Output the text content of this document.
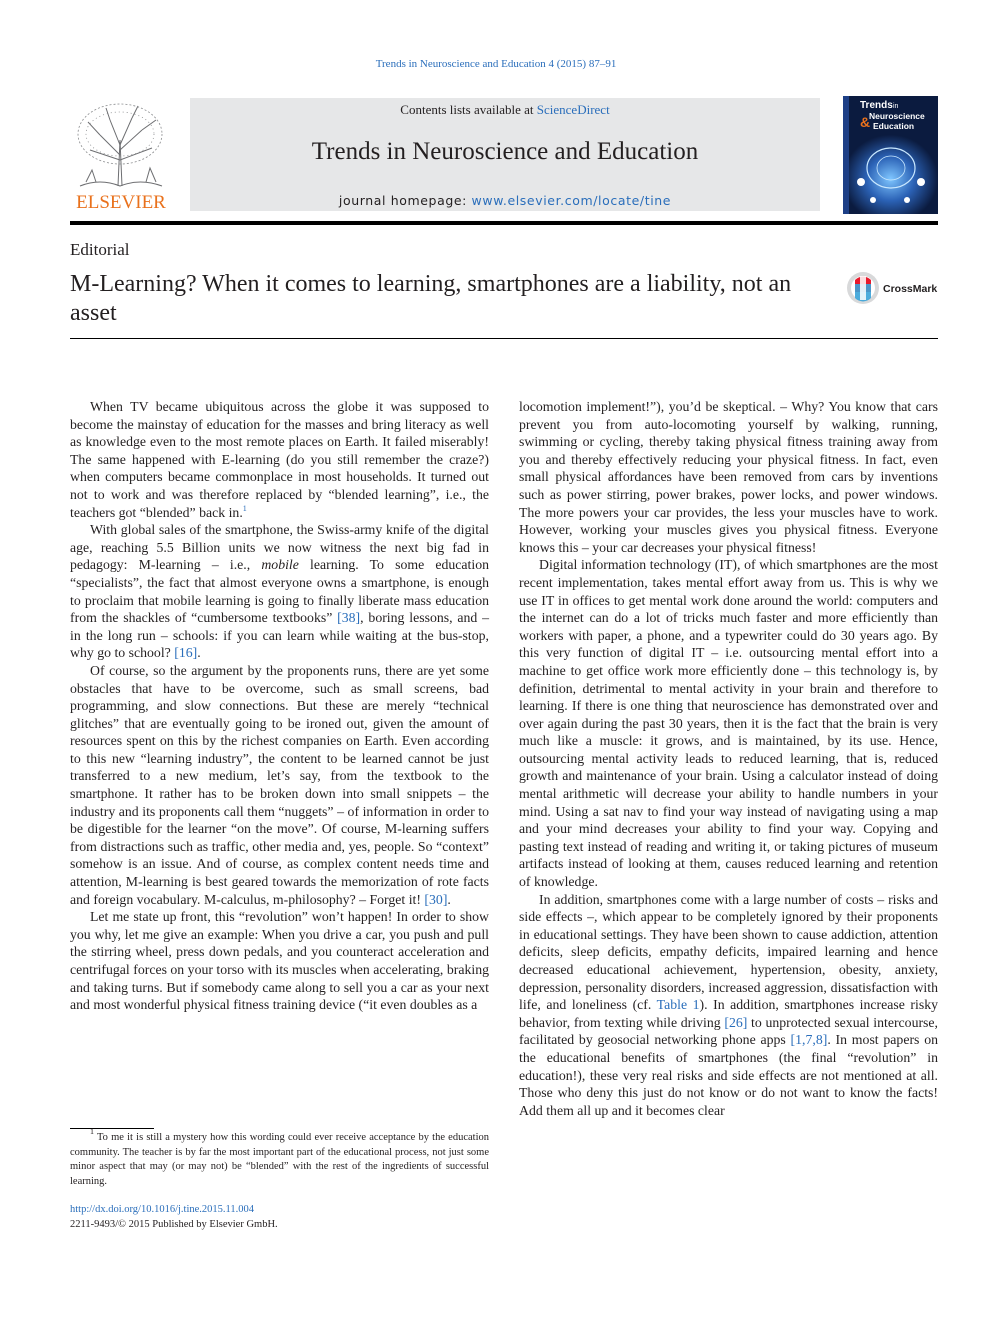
Trends in Neuroscience and Education 4 (2015) 87–91
ELSEVIER
Contents lists available at ScienceDirect
Trends in Neuroscience and Education
journal homepage: www.elsevier.com/locate/tine
Trends in
Neuroscience
& Education
Editorial
M-Learning? When it comes to learning, smartphones are a liability, not an asset
CrossMark

When TV became ubiquitous across the globe it was supposed to become the mainstay of education for the masses and bring literacy as well as knowledge even to the most remote places on Earth. It failed miserably! The same happened with E-learning (do you still remember the craze?) when computers became commonplace in most households. It turned out not to work and was therefore replaced by “blended learning”, i.e., the teachers got “blended” back in.$^1$

With global sales of the smartphone, the Swiss-army knife of the digital age, reaching 5.5 Billion units we now witness the next big fad in pedagogy: M-learning – i.e., mobile learning. To some education “specialists”, the fact that almost everyone owns a smartphone, is enough to proclaim that mobile learning is going to finally liberate mass education from the shackles of “cumbersome textbooks” [38], boring lessons, and – in the long run – schools: if you can learn while waiting at the bus-stop, why go to school? [16].

Of course, so the argument by the proponents runs, there are yet some obstacles that have to be overcome, such as small screens, bad programming, and slow connections. But these are merely “technical glitches” that are eventually going to be ironed out, given the amount of resources spent on this by the richest companies on Earth. Even according to this new “learning industry”, the content to be learned cannot be just transferred to a new medium, let’s say, from the textbook to the smartphone. It rather has to be broken down into small snippets – the industry and its proponents call them “nuggets” – of information in order to be digestible for the learner “on the move”. Of course, M-learning suffers from distractions such as traffic, other media and, yes, people. So “context” somehow is an issue. And of course, as complex content needs time and attention, M-learning is best geared towards the memorization of rote facts and foreign vocabulary. M-calculus, m-philosophy? – Forget it! [30].

Let me state up front, this “revolution” won’t happen! In order to show you why, let me give an example: When you drive a car, you push and pull the stirring wheel, press down pedals, and you counteract acceleration and centrifugal forces on your torso with its muscles when accelerating, braking and taking turns. But if somebody came along to sell you a car as your next and most wonderful physical fitness training device (“it even doubles as a

locomotion implement!”), you’d be skeptical. – Why? You know that cars prevent you from auto-locomoting yourself by walking, running, swimming or cycling, thereby taking physical fitness training away from you and thereby effectively reducing your physical fitness. In fact, even small physical affordances have been removed from cars by inventions such as power stirring, power brakes, power locks, and power windows. The more powers your car provides, the less your muscles have to work. However, working your muscles gives you physical fitness. Everyone knows this – your car decreases your physical fitness!

Digital information technology (IT), of which smartphones are the most recent implementation, takes mental effort away from us. This is why we use IT in offices to get mental work done around the world: computers and the internet can do a lot of tricks much faster and more efficiently than workers with paper, a phone, and a typewriter could do 30 years ago. By this very function of digital IT – i.e. outsourcing mental effort into a machine to get office work more efficiently done – this technology is, by definition, detrimental to mental activity in your brain and therefore to learning. If there is one thing that neuroscience has demonstrated over and over again during the past 30 years, then it is the fact that the brain is very much like a muscle: it grows, and is maintained, by its use. Hence, outsourcing mental activity leads to reduced learning, that is, reduced growth and maintenance of your brain. Using a calculator instead of doing mental arithmetic will decrease your ability to handle numbers in your mind. Using a sat nav to find your way instead of navigating using a map and your mind decreases your ability to find your way. Copying and pasting text instead of reading and writing it, or taking pictures of museum artifacts instead of looking at them, causes reduced learning and retention of knowledge.

In addition, smartphones come with a large number of costs – risks and side effects –, which appear to be completely ignored by their proponents in educational settings. They have been shown to cause addiction, attention deficits, sleep deficits, empathy deficits, impaired learning and hence decreased educational achievement, hypertension, obesity, anxiety, depression, personality disorders, increased aggression, dissatisfaction with life, and loneliness (cf. Table 1). In addition, smartphones increase risky behavior, from texting while driving [26] to unprotected sexual intercourse, facilitated by geosocial networking phone apps [1,7,8]. In most papers on the educational benefits of smartphones (the final “revolution” in education!), these very real risks and side effects are not mentioned at all. Those who deny this just do not know or do not want to know the facts! Add them all up and it becomes clear

$^1$ To me it is still a mystery how this wording could ever receive acceptance by the education community. The teacher is by far the most important part of the educational process, not just some minor aspect that may (or may not) be “blended” with the rest of the ingredients of successful learning.

http://dx.doi.org/10.1016/j.tine.2015.11.004
2211-9493/© 2015 Published by Elsevier GmbH.
